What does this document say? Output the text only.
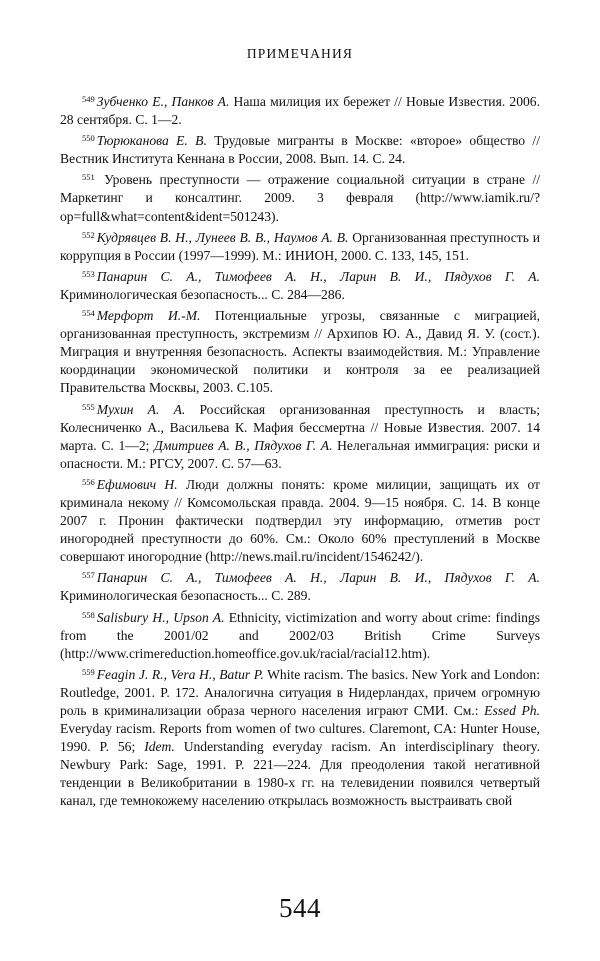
ПРИМЕЧАНИЯ

$^{549}$ Зубченко Е., Панков А. Наша милиция их бережет // Новые Известия. 2006. 28 сентября. С. 1—2.

$^{550}$ Тюрюканова Е. В. Трудовые мигранты в Москве: «второе» общество // Вестник Института Кеннана в России, 2008. Вып. 14. С. 24.

$^{551}$ Уровень преступности — отражение социальной ситуации в стране // Маркетинг и консалтинг. 2009. 3 февраля (http://www.iamik.ru/?op=full&what=content&ident=501243).

$^{552}$ Кудрявцев В. Н., Лунеев В. В., Наумов А. В. Организованная преступность и коррупция в России (1997—1999). М.: ИНИОН, 2000. С. 133, 145, 151.

$^{553}$ Панарин С. А., Тимофеев А. Н., Ларин В. И., Пядухов Г. А. Криминологическая безопасность... С. 284—286.

$^{554}$ Мерфорт И.-М. Потенциальные угрозы, связанные с миграцией, организованная преступность, экстремизм // Архипов Ю. А., Давид Я. У. (сост.). Миграция и внутренняя безопасность. Аспекты взаимодействия. М.: Управление координации экономической политики и контроля за ее реализацией Правительства Москвы, 2003. С.105.

$^{555}$ Мухин А. А. Российская организованная преступность и власть; Колесниченко А., Васильева К. Мафия бессмертна // Новые Известия. 2007. 14 марта. С. 1—2; Дмитриев А. В., Пядухов Г. А. Нелегальная иммиграция: риски и опасности. М.: РГСУ, 2007. С. 57—63.

$^{556}$ Ефимович Н. Люди должны понять: кроме милиции, защищать их от криминала некому // Комсомольская правда. 2004. 9—15 ноября. С. 14. В конце 2007 г. Пронин фактически подтвердил эту информацию, отметив рост иногородней преступности до 60%. См.: Около 60% преступлений в Москве совершают иногородние (http://news.mail.ru/incident/1546242/).

$^{557}$ Панарин С. А., Тимофеев А. Н., Ларин В. И., Пядухов Г. А. Криминологическая безопасность... С. 289.

$^{558}$ Salisbury H., Upson A. Ethnicity, victimization and worry about crime: findings from the 2001/02 and 2002/03 British Crime Surveys (http://www.crimereduction.homeoffice.gov.uk/racial/racial12.htm).

$^{559}$ Feagin J. R., Vera H., Batur P. White racism. The basics. New York and London: Routledge, 2001. P. 172. Аналогична ситуация в Нидерландах, причем огромную роль в криминализации образа черного населения играют СМИ. См.: Essed Ph. Everyday racism. Reports from women of two cultures. Claremont, CA: Hunter House, 1990. P. 56; Idem. Understanding everyday racism. An interdisciplinary theory. Newbury Park: Sage, 1991. P. 221—224. Для преодоления такой негативной тенденции в Великобритании в 1980-х гг. на телевидении появился четвертый канал, где темнокожему населению открылась возможность выстраивать свой

544
